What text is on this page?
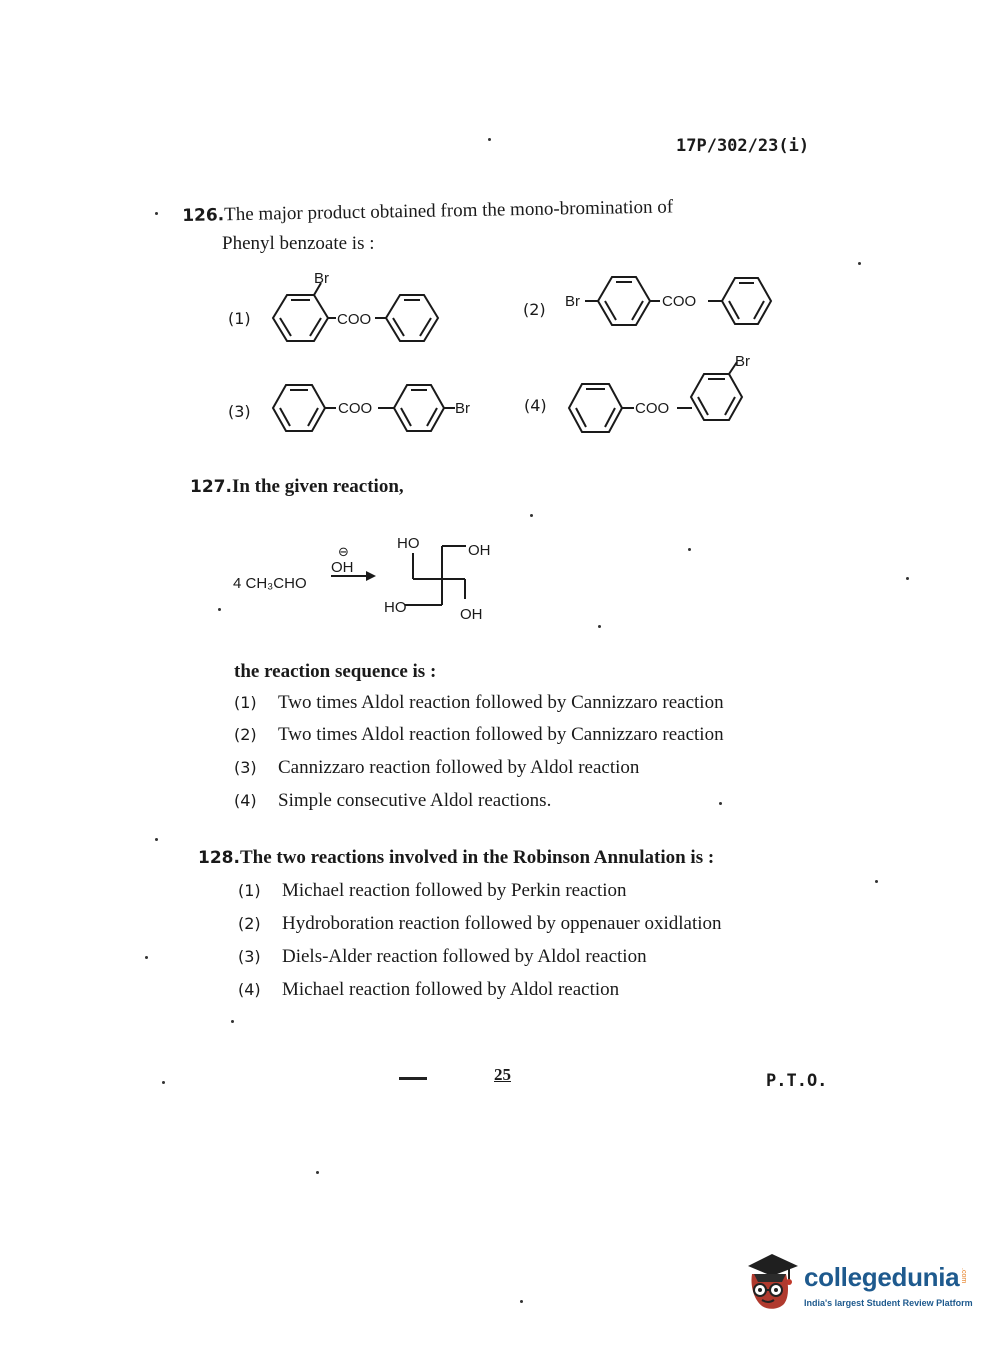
17P/302/23(i)
126.The major product obtained from the mono-bromination of
Phenyl benzoate is :
(1)	(2)
(3)	(4)
Br
COO
Br	COO
COO	Br	COO
Br
127.In the given reaction,
4 CH₃CHO
⊖
OH
HO	OH
HO	OH
the reaction sequence is :
(1) Two times Aldol reaction followed by Cannizzaro reaction
(2) Two times Aldol reaction followed by Cannizzaro reaction
(3) Cannizzaro reaction followed by Aldol reaction
(4) Simple consecutive Aldol reactions.
128.The two reactions involved in the Robinson Annulation is :
(1) Michael reaction followed by Perkin reaction
(2) Hydroboration reaction followed by oppenauer oxidlation
(3) Diels-Alder reaction followed by Aldol reaction
(4) Michael reaction followed by Aldol reaction
25	P.T.O.
collegedunia .com
India's largest Student Review Platform
